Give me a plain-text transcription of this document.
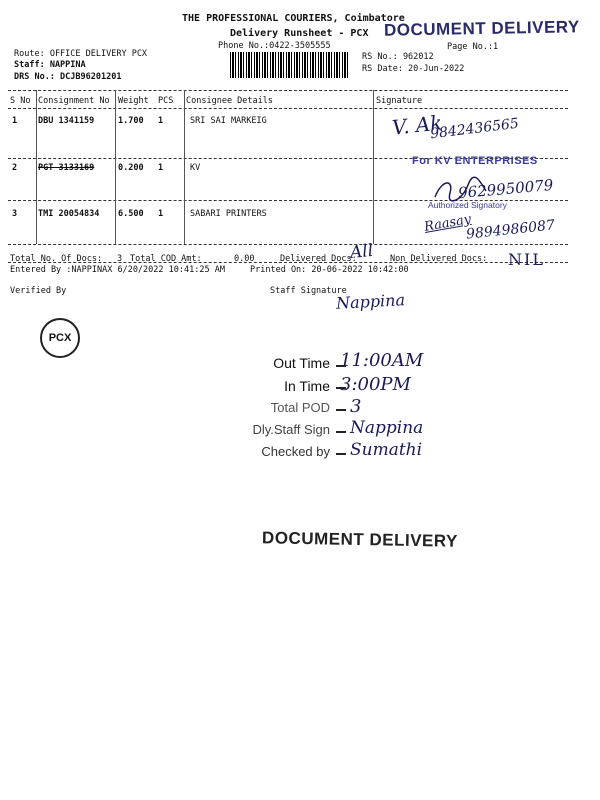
THE PROFESSIONAL COURIERS, Coimbatore
DOCUMENT DELIVERY
Delivery Runsheet - PCX
Phone No.:0422-3505555	Page No.:1
Route: OFFICE DELIVERY PCX
Staff: NAPPINA
DRS No.: DCJB96201201
RS No.: 962012
RS Date: 20-Jun-2022
S No Consignment No Weight PCS Consignee Details	Signature
1 DBU 1341159	1.700 1	SRI SAI MARKEIG
2 PGT 3133169	0.200 1	KV
3 TMI 20054834 6.500 1	SABARI PRINTERS
V. Ak
9842436565
For KV ENTERPRISES
9629950079
Authorized Signatory
Raasay
9894986087
Total No. Of Docs: 3 Total COD Amt:	0.00	Delivered Docs:
All Non Delivered Docs: NIL
Entered By :NAPPINAX 6/20/2022 10:41:25 AM	Printed On: 20-06-2022 10:42:00
Verified By	Staff Signature
Nappina
PCX
Out Time 11:00AM
In Time 3:00PM
Total POD 3
Dly.Staff Sign Nappina
Checked by Sumathi
DOCUMENT DELIVERY
